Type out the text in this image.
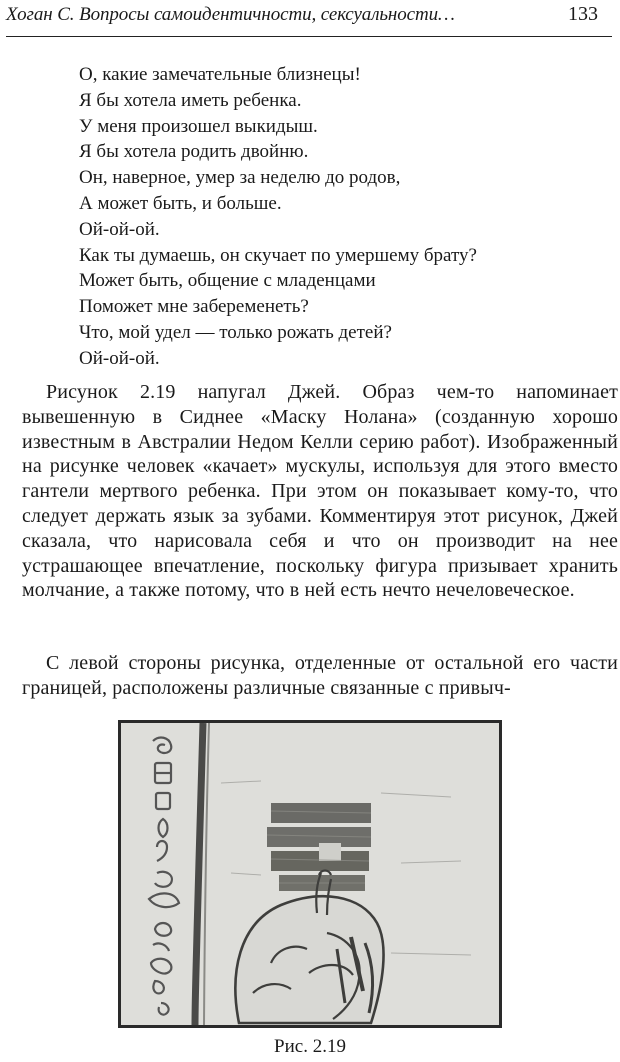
Хоган С. Вопросы самоидентичности, сексуальности…	133
О, какие замечательные близнецы!
Я бы хотела иметь ребенка.
У меня произошел выкидыш.
Я бы хотела родить двойню.
Он, наверное, умер за неделю до родов,
А может быть, и больше.
Ой-ой-ой.
Как ты думаешь, он скучает по умершему брату?
Может быть, общение с младенцами
Поможет мне забеременеть?
Что, мой удел — только рожать детей?
Ой-ой-ой.

Рисунок 2.19 напугал Джей. Образ чем-то напоминает вывешенную в Сиднее «Маску Нолана» (созданную хорошо известным в Австралии Недом Келли серию работ). Изображенный на рисунке человек «качает» мускулы, используя для этого вместо гантели мертвого ребенка. При этом он показывает кому-то, что следует держать язык за зубами. Комментируя этот рисунок, Джей сказала, что нарисовала себя и что он производит на нее устрашающее впечатление, поскольку фигура призывает хранить молчание, а также потому, что в ней есть нечто нечеловеческое.

С левой стороны рисунка, отделенные от остальной его части границей, расположены различные связанные с привыч-

Рис. 2.19
